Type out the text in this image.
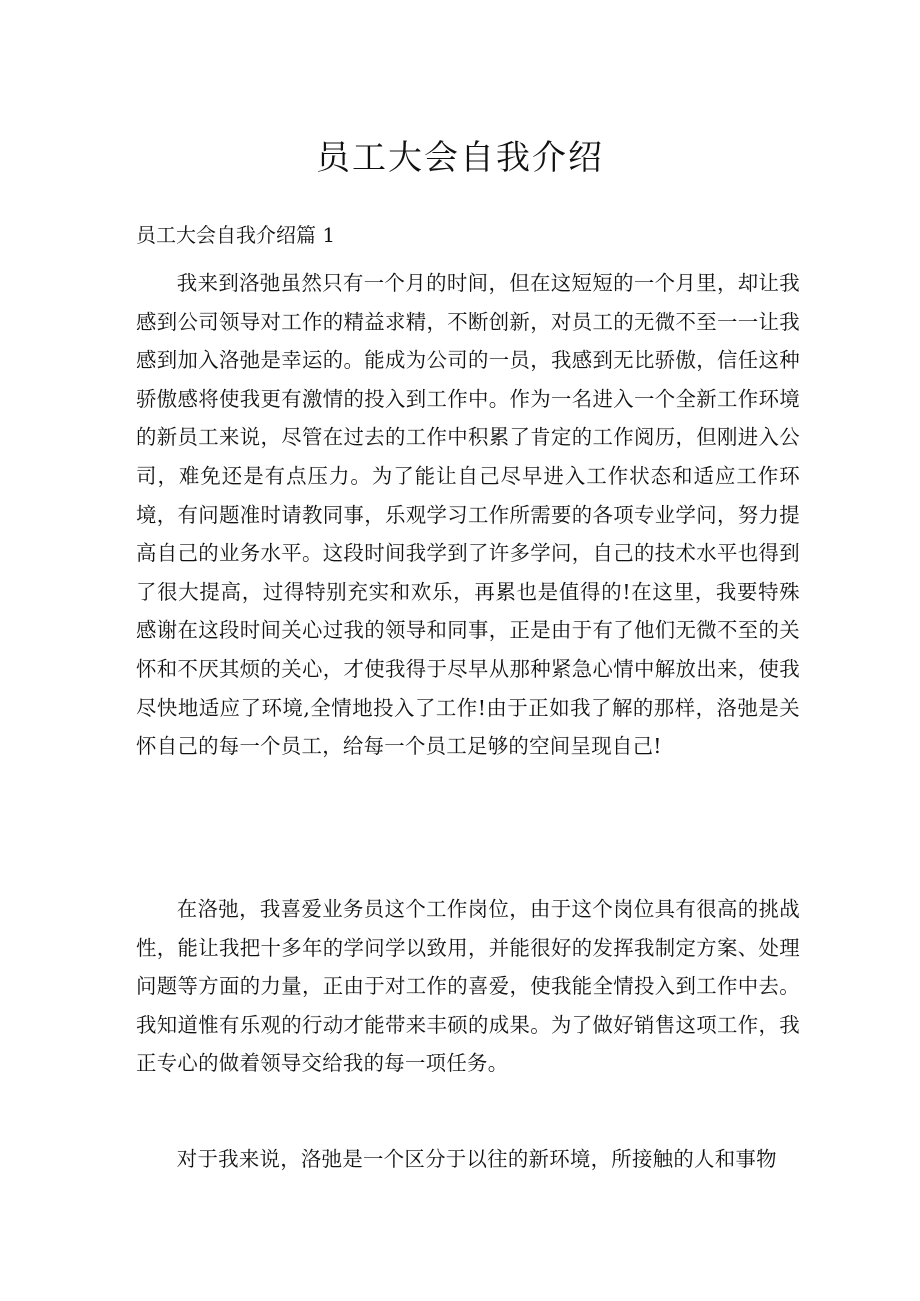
员工大会自我介绍
员工大会自我介绍篇 1

我来到洛弛虽然只有一个月的时间，但在这短短的一个月里，却让我感到公司领导对工作的精益求精，不断创新，对员工的无微不至一一让我感到加入洛弛是幸运的。能成为公司的一员，我感到无比骄傲，信任这种骄傲感将使我更有激情的投入到工作中。作为一名进入一个全新工作环境的新员工来说，尽管在过去的工作中积累了肯定的工作阅历，但刚进入公司，难免还是有点压力。为了能让自己尽早进入工作状态和适应工作环境，有问题准时请教同事，乐观学习工作所需要的各项专业学问，努力提高自己的业务水平。这段时间我学到了许多学问，自己的技术水平也得到了很大提高，过得特别充实和欢乐，再累也是值得的!在这里，我要特殊感谢在这段时间关心过我的领导和同事，正是由于有了他们无微不至的关怀和不厌其烦的关心，才使我得于尽早从那种紧急心情中解放出来，使我尽快地适应了环境,全情地投入了工作!由于正如我了解的那样，洛弛是关怀自己的每一个员工，给每一个员工足够的空间呈现自己!

在洛弛，我喜爱业务员这个工作岗位，由于这个岗位具有很高的挑战性，能让我把十多年的学问学以致用，并能很好的发挥我制定方案、处理问题等方面的力量，正由于对工作的喜爱，使我能全情投入到工作中去。我知道惟有乐观的行动才能带来丰硕的成果。为了做好销售这项工作，我正专心的做着领导交给我的每一项任务。

对于我来说，洛弛是一个区分于以往的新环境，所接触的人和事物
